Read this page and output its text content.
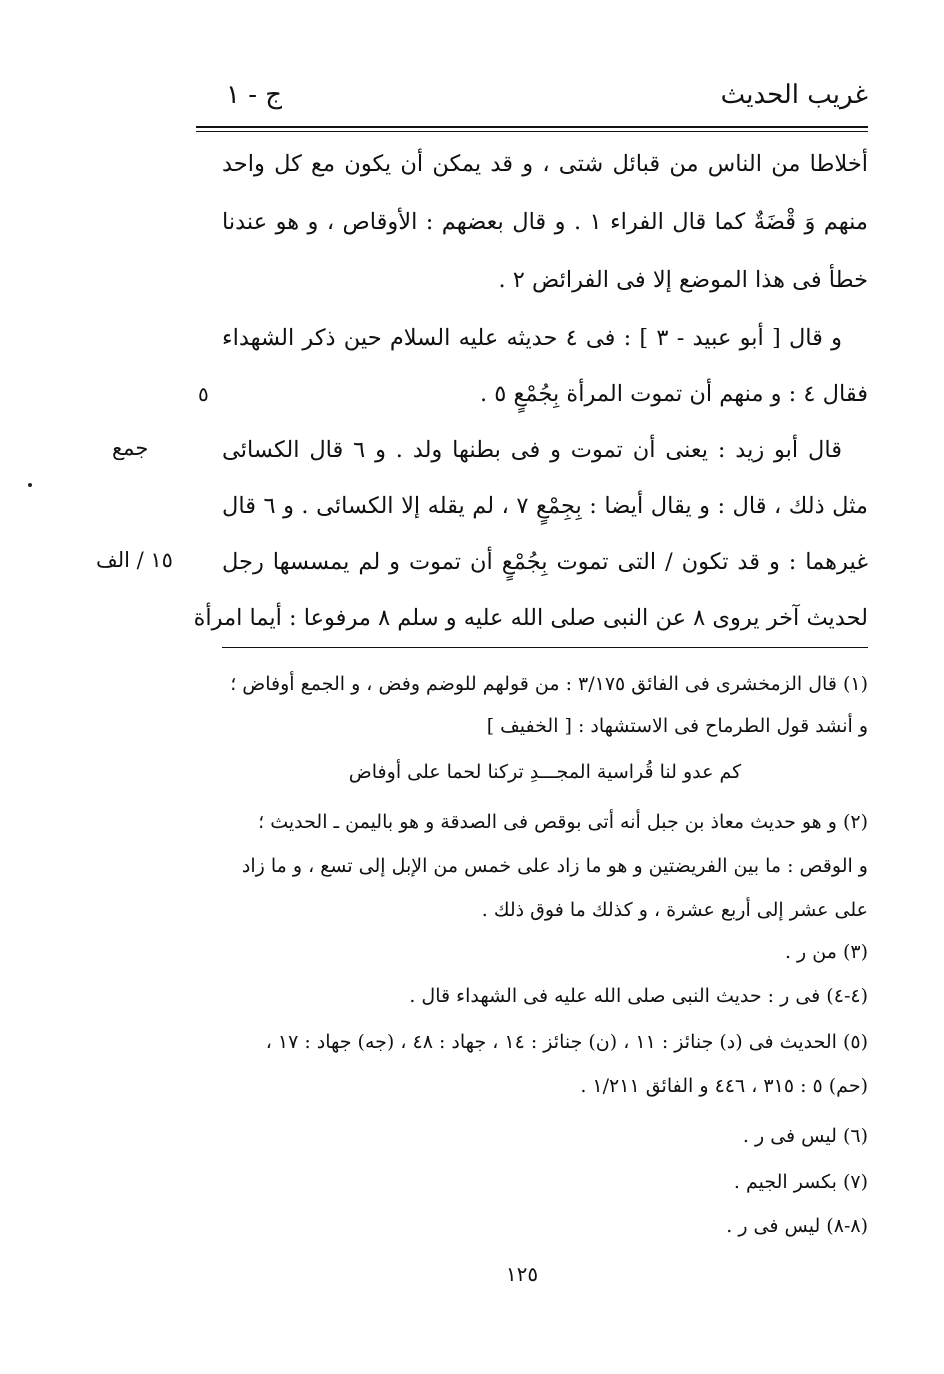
غريب الحديث
ج - ١
أخلاطا من الناس من قبائل شتى ، و قد يمكن أن يكون مع كل واحد
منهم وَ قْضَةٌ كما قال الفراء ١ . و قال بعضهم : الأوقاص ، و هو عندنا
خطأ فى هذا الموضع إلا فى الفرائض ٢ .
و قال [ أبو عبيد - ٣ ] : فى ٤ حديثه عليه السلام حين ذكر الشهداء
فقال ٤ : و منهم أن تموت المرأة بِجُمْعٍ ٥ .
قال أبو زيد : يعنى أن تموت و فى بطنها ولد . و ٦ قال الكسائى
مثل ذلك ، قال : و يقال أيضا : بِجِمْعٍ ٧ ، لم يقله إلا الكسائى . و ٦ قال
غيرهما : و قد تكون / التى تموت بِجُمْعٍ أن تموت و لم يمسسها رجل
لحديث آخر يروى ٨ عن النبى صلى الله عليه و سلم ٨ مرفوعا : أيما امرأة
٥
جمع
١٥ / الف
(١) قال الزمخشرى فى الفائق ٣/١٧٥ : من قولهم للوضم وفض ، و الجمع أوفاض ؛
و أنشد قول الطرماح فى الاستشهاد : [ الخفيف ]
كم عدو لنا قُراسية المجـــدِ تركنا لحما على أوفاض
(٢) و هو حديث معاذ بن جبل أنه أتى بوقص فى الصدقة و هو باليمن ـ الحديث ؛
و الوقص : ما بين الفريضتين و هو ما زاد على خمس من الإبل إلى تسع ، و ما زاد
على عشر إلى أربع عشرة ، و كذلك ما فوق ذلك .
(٣) من ر .
(٤-٤) فى ر : حديث النبى صلى الله عليه فى الشهداء قال .
(٥) الحديث فى (د) جنائز : ١١ ، (ن) جنائز : ١٤ ، جهاد : ٤٨ ، (جه) جهاد : ١٧ ،
(حم) ٥ : ٣١٥ ، ٤٤٦ و الفائق ١/٢١١ .
(٦) ليس فى ر .
(٧) بكسر الجيم .
(٨-٨) ليس فى ر .
١٢٥
